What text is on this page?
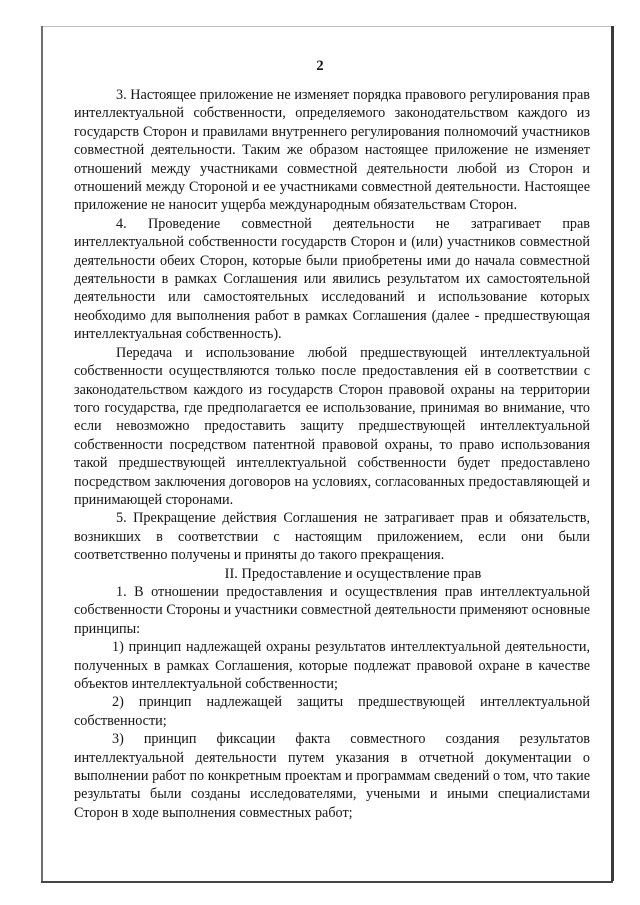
2

3. Настоящее приложение не изменяет порядка правового регулирования прав интеллектуальной собственности, определяемого законодательством каждого из государств Сторон и правилами внутреннего регулирования полномочий участников совместной деятельности. Таким же образом настоящее приложение не изменяет отношений между участниками совместной деятельности любой из Сторон и отношений между Стороной и ее участниками совместной деятельности. Настоящее приложение не наносит ущерба международным обязательствам Сторон.

4. Проведение совместной деятельности не затрагивает прав интеллектуальной собственности государств Сторон и (или) участников совместной деятельности обеих Сторон, которые были приобретены ими до начала совместной деятельности в рамках Соглашения или явились результатом их самостоятельной деятельности или самостоятельных исследований и использование которых необходимо для выполнения работ в рамках Соглашения (далее - предшествующая интеллектуальная собственность).

Передача и использование любой предшествующей интеллектуальной собственности осуществляются только после предоставления ей в соответствии с законодательством каждого из государств Сторон правовой охраны на территории того государства, где предполагается ее использование, принимая во внимание, что если невозможно предоставить защиту предшествующей интеллектуальной собственности посредством патентной правовой охраны, то право использования такой предшествующей интеллектуальной собственности будет предоставлено посредством заключения договоров на условиях, согласованных предоставляющей и принимающей сторонами.

5. Прекращение действия Соглашения не затрагивает прав и обязательств, возникших в соответствии с настоящим приложением, если они были соответственно получены и приняты до такого прекращения.

II. Предоставление и осуществление прав

1. В отношении предоставления и осуществления прав интеллектуальной собственности Стороны и участники совместной деятельности применяют основные принципы:

1) принцип надлежащей охраны результатов интеллектуальной деятельности, полученных в рамках Соглашения, которые подлежат правовой охране в качестве объектов интеллектуальной собственности;

2) принцип надлежащей защиты предшествующей интеллектуальной собственности;

3) принцип фиксации факта совместного создания результатов интеллектуальной деятельности путем указания в отчетной документации о выполнении работ по конкретным проектам и программам сведений о том, что такие результаты были созданы исследователями, учеными и иными специалистами Сторон в ходе выполнения совместных работ;
